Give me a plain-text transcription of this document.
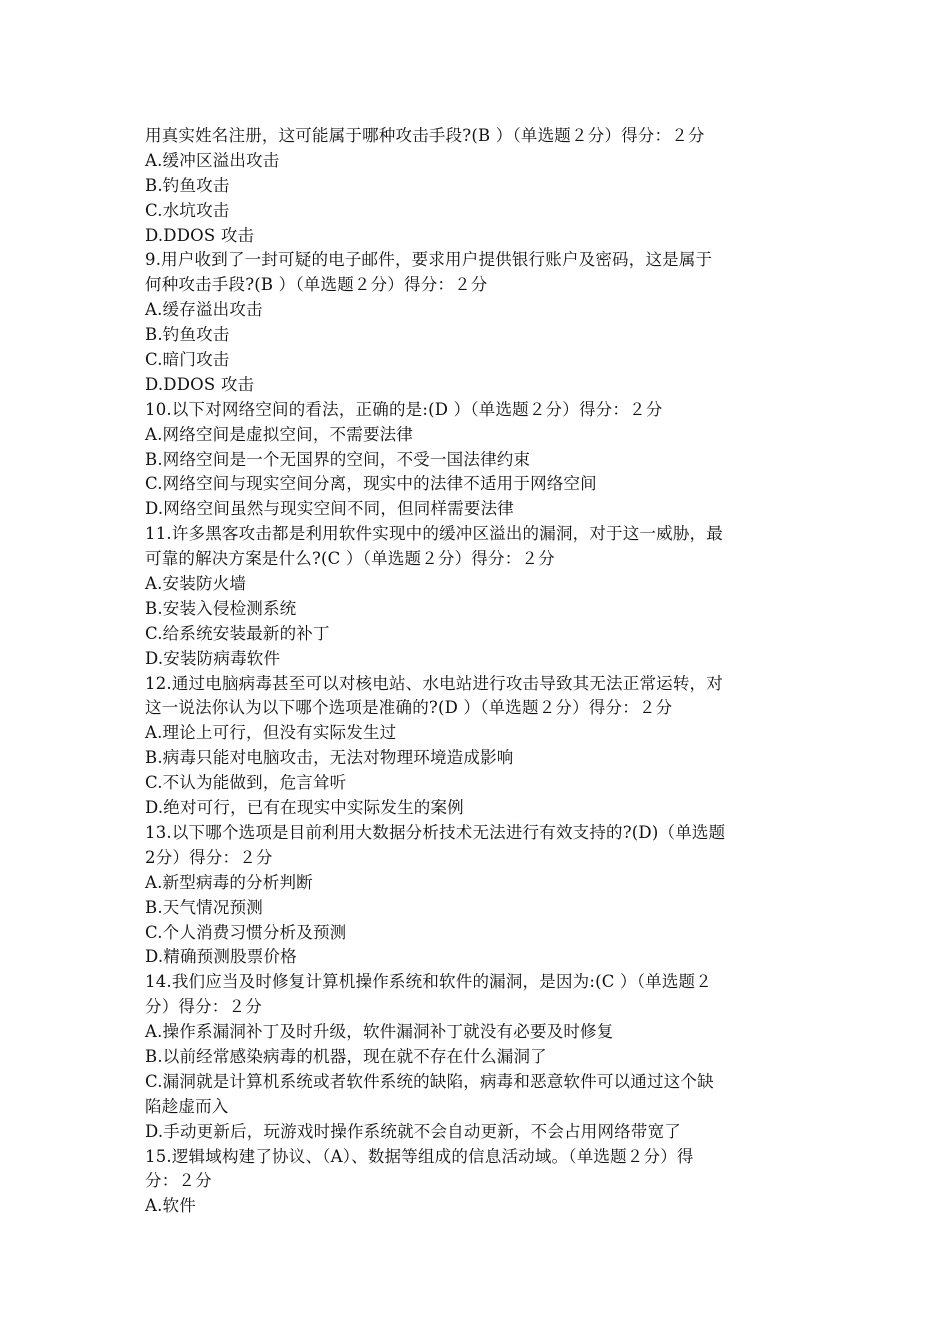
用真实姓名注册，这可能属于哪种攻击手段?(B ）（单选题２分）得分：２分
A.缓冲区溢出攻击
B.钓鱼攻击
C.水坑攻击
D.DDOS 攻击
9.用户收到了一封可疑的电子邮件，要求用户提供银行账户及密码，这是属于
何种攻击手段?(B ）（单选题２分）得分：２分
A.缓存溢出攻击
B.钓鱼攻击
C.暗门攻击
D.DDOS 攻击
10.以下对网络空间的看法，正确的是:(D ）（单选题２分）得分：２分
A.网络空间是虚拟空间，不需要法律
B.网络空间是一个无国界的空间，不受一国法律约束
C.网络空间与现实空间分离，现实中的法律不适用于网络空间
D.网络空间虽然与现实空间不同，但同样需要法律
11.许多黑客攻击都是利用软件实现中的缓冲区溢出的漏洞，对于这一威胁，最
可靠的解决方案是什么?(C ）（单选题２分）得分：２分
A.安装防火墙
B.安装入侵检测系统
C.给系统安装最新的补丁
D.安装防病毒软件
12.通过电脑病毒甚至可以对核电站、水电站进行攻击导致其无法正常运转，对
这一说法你认为以下哪个选项是准确的?(D ）（单选题２分）得分：２分
A.理论上可行，但没有实际发生过
B.病毒只能对电脑攻击，无法对物理环境造成影响
C.不认为能做到，危言耸听
D.绝对可行，已有在现实中实际发生的案例
13.以下哪个选项是目前利用大数据分析技术无法进行有效支持的?(D)（单选题
2分）得分：２分
A.新型病毒的分析判断
B.天气情况预测
C.个人消费习惯分析及预测
D.精确预测股票价格
14.我们应当及时修复计算机操作系统和软件的漏洞，是因为:(C ）（单选题２
分）得分：２分
A.操作系漏洞补丁及时升级，软件漏洞补丁就没有必要及时修复
B.以前经常感染病毒的机器，现在就不存在什么漏洞了
C.漏洞就是计算机系统或者软件系统的缺陷，病毒和恶意软件可以通过这个缺
陷趁虚而入
D.手动更新后，玩游戏时操作系统就不会自动更新，不会占用网络带宽了
15.逻辑域构建了协议、（A）、数据等组成的信息活动域。（单选题２分）得
分：２分
A.软件
